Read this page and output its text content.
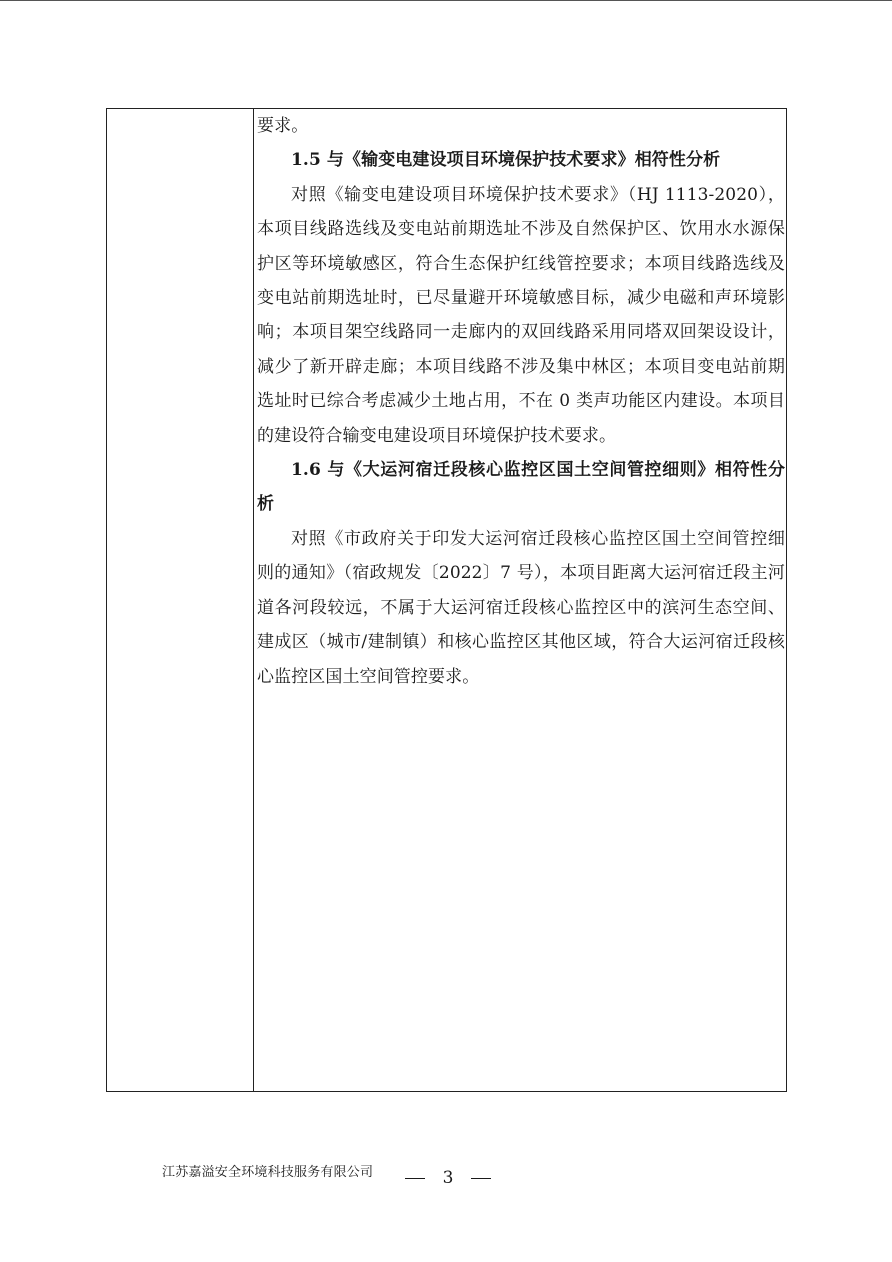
要求。

1.5 与《输变电建设项目环境保护技术要求》相符性分析

对照《输变电建设项目环境保护技术要求》（HJ 1113-2020），本项目线路选线及变电站前期选址不涉及自然保护区、饮用水水源保护区等环境敏感区，符合生态保护红线管控要求；本项目线路选线及变电站前期选址时，已尽量避开环境敏感目标，减少电磁和声环境影响；本项目架空线路同一走廊内的双回线路采用同塔双回架设设计，减少了新开辟走廊；本项目线路不涉及集中林区；本项目变电站前期选址时已综合考虑减少土地占用，不在 0 类声功能区内建设。本项目的建设符合输变电建设项目环境保护技术要求。

1.6 与《大运河宿迁段核心监控区国土空间管控细则》相符性分析

对照《市政府关于印发大运河宿迁段核心监控区国土空间管控细则的通知》（宿政规发〔2022〕7 号），本项目距离大运河宿迁段主河道各河段较远，不属于大运河宿迁段核心监控区中的滨河生态空间、建成区（城市/建制镇）和核心监控区其他区域，符合大运河宿迁段核心监控区国土空间管控要求。

江苏嘉溢安全环境科技服务有限公司	3
